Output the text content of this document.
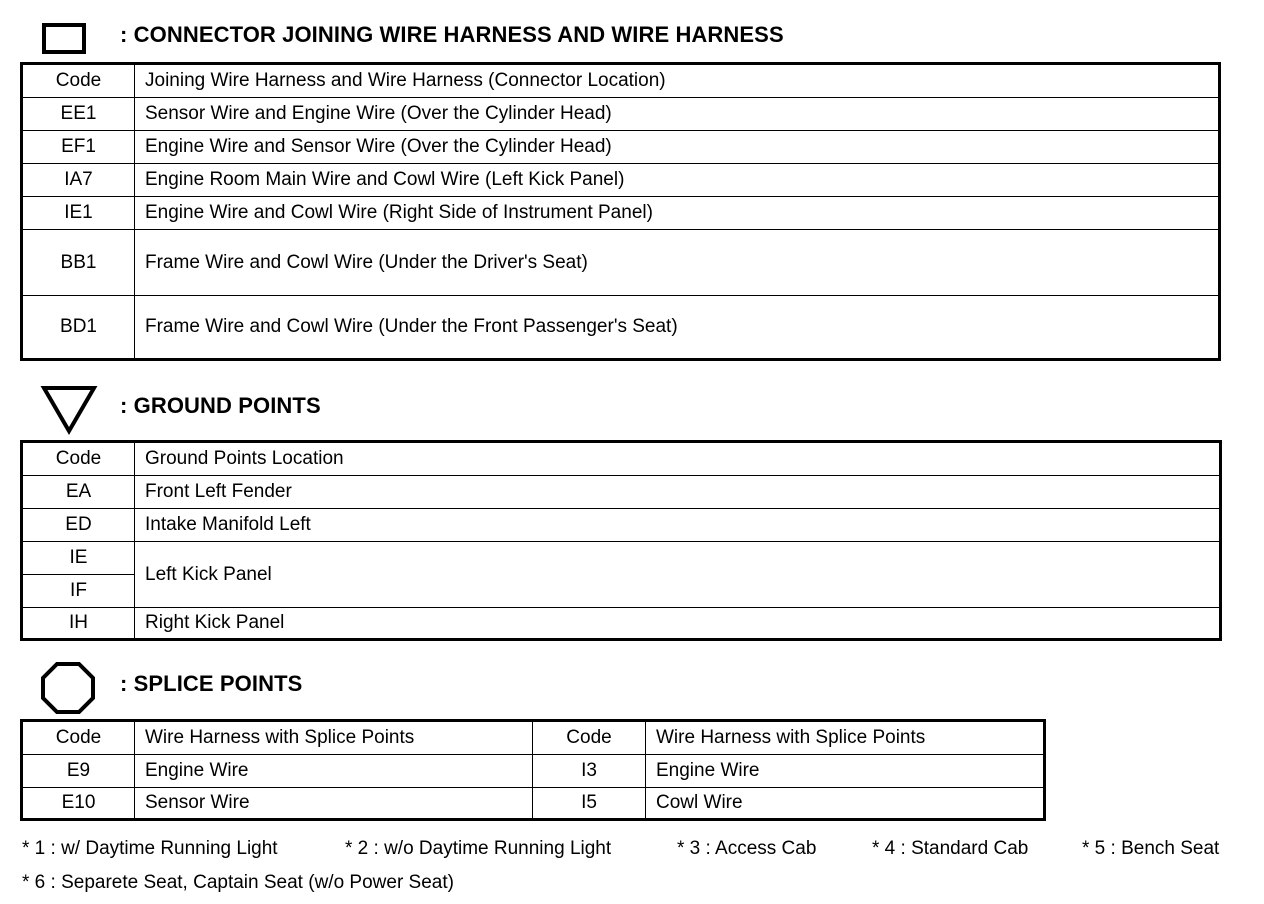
: CONNECTOR JOINING WIRE HARNESS AND WIRE HARNESS
Code	Joining Wire Harness and Wire Harness (Connector Location)
EE1	Sensor Wire and Engine Wire (Over the Cylinder Head)
EF1	Engine Wire and Sensor Wire (Over the Cylinder Head)
IA7	Engine Room Main Wire and Cowl Wire (Left Kick Panel)
IE1	Engine Wire and Cowl Wire (Right Side of Instrument Panel)
BB1	Frame Wire and Cowl Wire (Under the Driver's Seat)
BD1	Frame Wire and Cowl Wire (Under the Front Passenger's Seat)
: GROUND POINTS
Code	Ground Points Location
EA	Front Left Fender
ED	Intake Manifold Left
IE	Left Kick Panel
IF	
IH	Right Kick Panel
: SPLICE POINTS
Code	Wire Harness with Splice Points	Code	Wire Harness with Splice Points
E9	Engine Wire	I3	Engine Wire
E10	Sensor Wire	I5	Cowl Wire
* 1 : w/ Daytime Running Light	* 2 : w/o Daytime Running Light	* 3 : Access Cab	* 4 : Standard Cab	* 5 : Bench Seat
* 6 : Separete Seat, Captain Seat (w/o Power Seat)
